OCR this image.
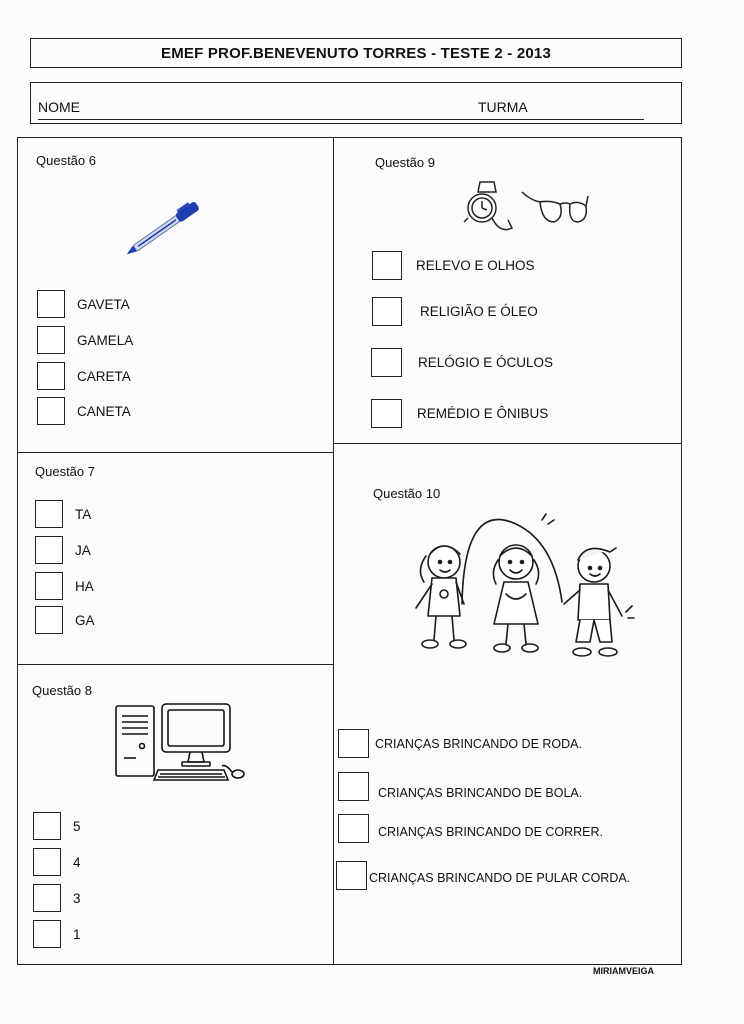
EMEF PROF.BENEVENUTO TORRES - TESTE 2 - 2013
NOME	TURMA
Questão 6
GAVETA
GAMELA
CARETA
CANETA
Questão 7
TA
JA
HA
GA
Questão 8
5
4
3
1
Questão 9
RELEVO E OLHOS
RELIGIÃO E ÓLEO
RELÓGIO E ÓCULOS
REMÉDIO E ÔNIBUS
Questão 10
CRIANÇAS BRINCANDO DE RODA.
CRIANÇAS BRINCANDO DE BOLA.
CRIANÇAS BRINCANDO DE CORRER.
CRIANÇAS BRINCANDO DE PULAR CORDA.
MIRIAMVEIGA
